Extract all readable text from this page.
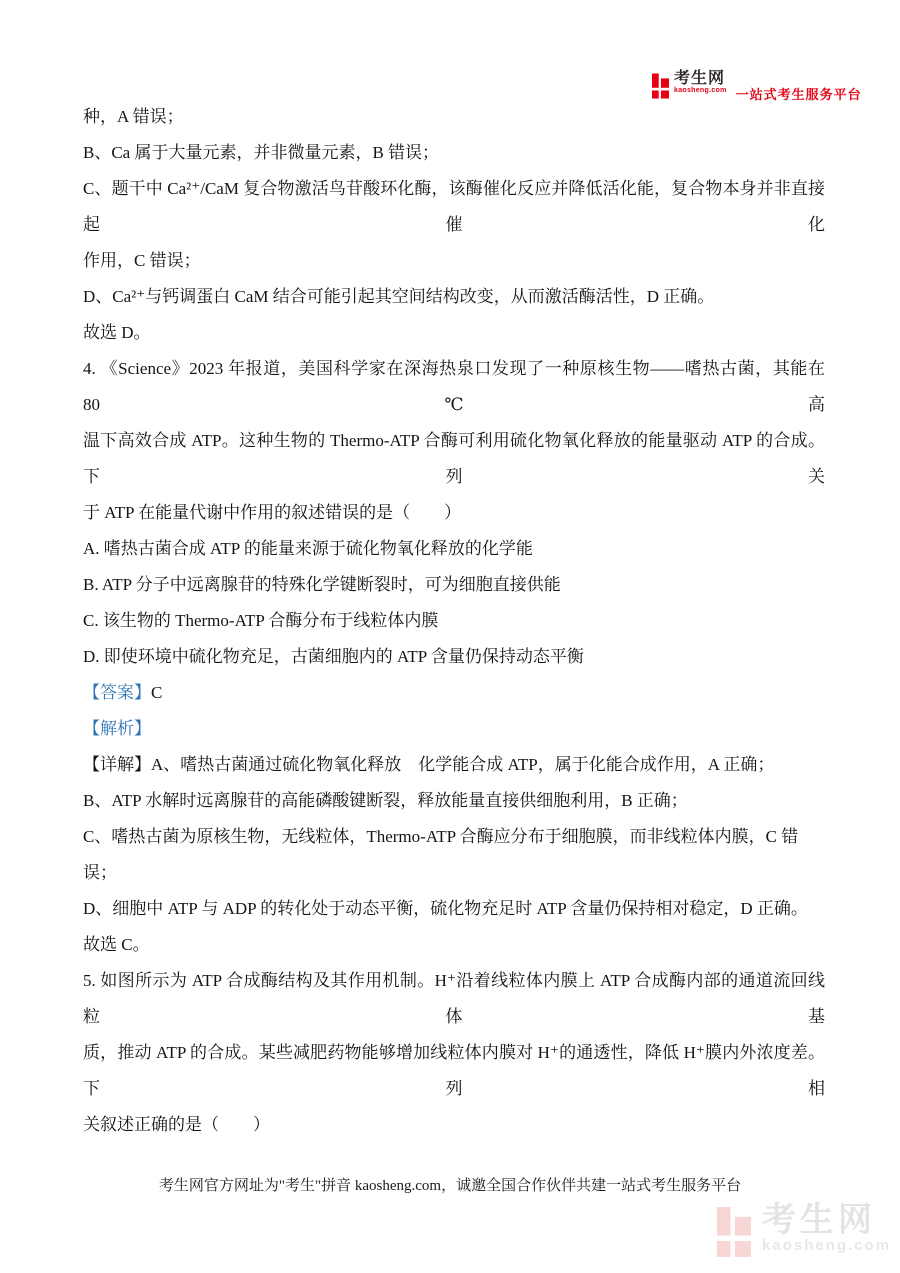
考生网
kaosheng.com 一站式考生服务平台
种，A 错误；
B、Ca 属于大量元素，并非微量元素，B 错误；
C、题干中 Ca²⁺/CaM 复合物激活鸟苷酸环化酶，该酶催化反应并降低活化能，复合物本身并非直接起催化
作用，C 错误；
D、Ca²⁺与钙调蛋白 CaM 结合可能引起其空间结构改变，从而激活酶活性，D 正确。
故选 D。
4. 《Science》2023 年报道，美国科学家在深海热泉口发现了一种原核生物——嗜热古菌，其能在 80℃高
温下高效合成 ATP。这种生物的 Thermo-ATP 合酶可利用硫化物氧化释放的能量驱动 ATP 的合成。下列关
于 ATP 在能量代谢中作用的叙述错误的是（　　）
A. 嗜热古菌合成 ATP 的能量来源于硫化物氧化释放的化学能
B. ATP 分子中远离腺苷的特殊化学键断裂时，可为细胞直接供能
C. 该生物的 Thermo-ATP 合酶分布于线粒体内膜
D. 即使环境中硫化物充足，古菌细胞内的 ATP 含量仍保持动态平衡
【答案】C
【解析】
【详解】A、嗜热古菌通过硫化物氧化释放　化学能合成 ATP，属于化能合成作用，A 正确；
B、ATP 水解时远离腺苷的高能磷酸键断裂，释放能量直接供细胞利用，B 正确；
C、嗜热古菌为原核生物，无线粒体，Thermo-ATP 合酶应分布于细胞膜，而非线粒体内膜，C 错误；
D、细胞中 ATP 与 ADP 的转化处于动态平衡，硫化物充足时 ATP 含量仍保持相对稳定，D 正确。
故选 C。
5. 如图所示为 ATP 合成酶结构及其作用机制。H⁺沿着线粒体内膜上 ATP 合成酶内部的通道流回线粒体基
质，推动 ATP 的合成。某些减肥药物能够增加线粒体内膜对 H⁺的通透性，降低 H⁺膜内外浓度差。下列相
关叙述正确的是（　　）
考生网官方网址为"考生"拼音 kaosheng.com，诚邀全国合作伙伴共建一站式考生服务平台
考生网
kaosheng.com
